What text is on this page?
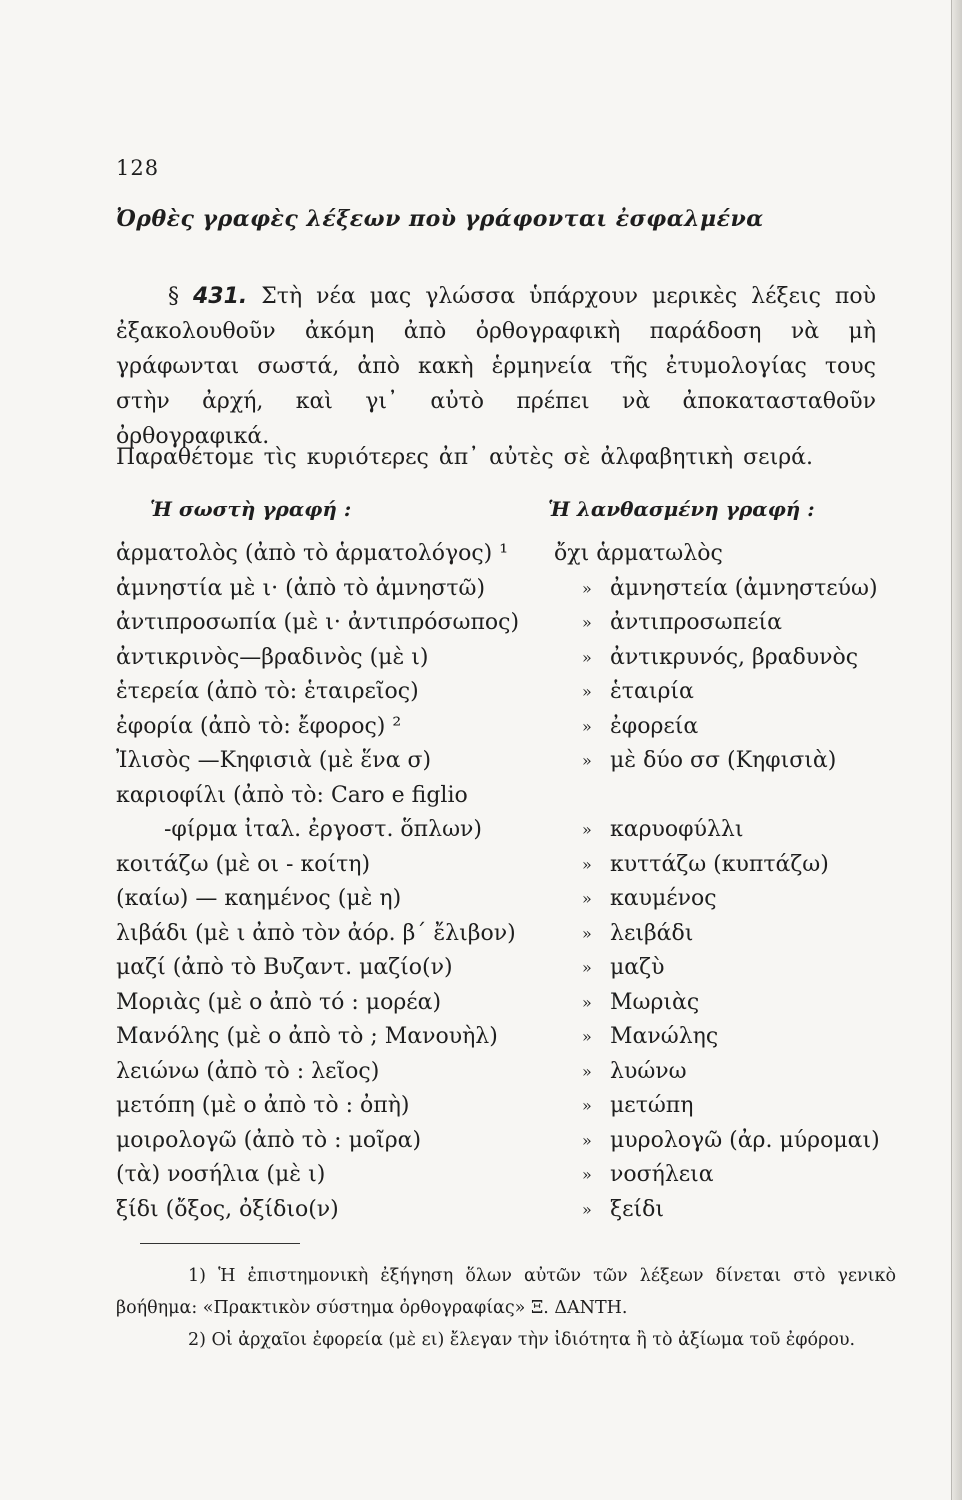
128
Ὀρθὲς γραφὲς λέξεων ποὺ γράφονται ἐσφαλμένα
§ 431. Στὴ νέα μας γλώσσα ὑπάρχουν μερικὲς λέξεις ποὺ ἐξακολουθοῦν ἀκόμη ἀπὸ ὀρθογραφικὴ παράδοση νὰ μὴ γράφωνται σωστά, ἀπὸ κακὴ ἑρμηνεία τῆς ἐτυμολογίας τους στὴν ἀρχή, καὶ γι᾿ αὐτὸ πρέπει νὰ ἀποκατασταθοῦν ὀρθογραφικά.
Παραθέτομε τὶς κυριότερες ἀπ᾿ αὐτὲς σὲ ἀλφαβητικὴ σειρά.
Ἡ σωστὴ γραφή :	Ἡ λανθασμένη γραφή :
ἁρματολὸς (ἀπὸ τὸ ἁρματολόγος) ¹ ὄχι ἁρματωλὸς
ἀμνηστία μὲ ι· (ἀπὸ τὸ ἀμνηστῶ)	» ἀμνηστεία (ἀμνηστεύω)
ἀντιπροσωπία (μὲ ι· ἀντιπρόσωπος)	» ἀντιπροσωπεία
ἀντικρινὸς—βραδινὸς (μὲ ι)	» ἀντικρυνός, βραδυνὸς
ἑτερεία (ἀπὸ τὸ: ἑταιρεῖος)	» ἑταιρία
ἐφορία (ἀπὸ τὸ: ἔφορος) ²	» ἐφορεία
Ἰλισὸς —Κηφισιὰ (μὲ ἕνα σ)	» μὲ δύο σσ (Κηφισιὰ)
καριοφίλι (ἀπὸ τὸ: Caro e figlio
-φίρμα ἰταλ. ἐργοστ. ὅπλων)	» καρυοφύλλι
κοιτάζω (μὲ οι - κοίτη)	» κυττάζω (κυπτάζω)
(καίω) — καημένος (μὲ η)	» καυμένος
λιβάδι (μὲ ι ἀπὸ τὸν ἀόρ. β΄ ἔλιβον)	» λειβάδι
μαζί (ἀπὸ τὸ Βυζαντ. μαζίο(ν)	» μαζὺ
Μοριὰς (μὲ ο ἀπὸ τό : μορέα)	» Μωριὰς
Μανόλης (μὲ ο ἀπὸ τὸ ; Μανουὴλ)	» Μανώλης
λειώνω (ἀπὸ τὸ : λεῖος)	» λυώνω
μετόπη (μὲ ο ἀπὸ τὸ : ὀπὴ)	» μετώπη
μοιρολογῶ (ἀπὸ τὸ : μοῖρα)	» μυρολογῶ (ἀρ. μύρομαι)
(τὰ) νοσήλια (μὲ ι)	» νοσήλεια
ξίδι (ὄξος, ὀξίδιο(ν)	» ξείδι
1) Ἡ ἐπιστημονικὴ ἐξήγηση ὅλων αὐτῶν τῶν λέξεων δίνεται στὸ γενικὸ βοήθημα: «Πρακτικὸν σύστημα ὀρθογραφίας» Ξ. ΔΑΝΤΗ.
2) Οἱ ἀρχαῖοι ἐφορεία (μὲ ει) ἔλεγαν τὴν ἰδιότητα ἢ τὸ ἀξίωμα τοῦ ἐφόρου.
